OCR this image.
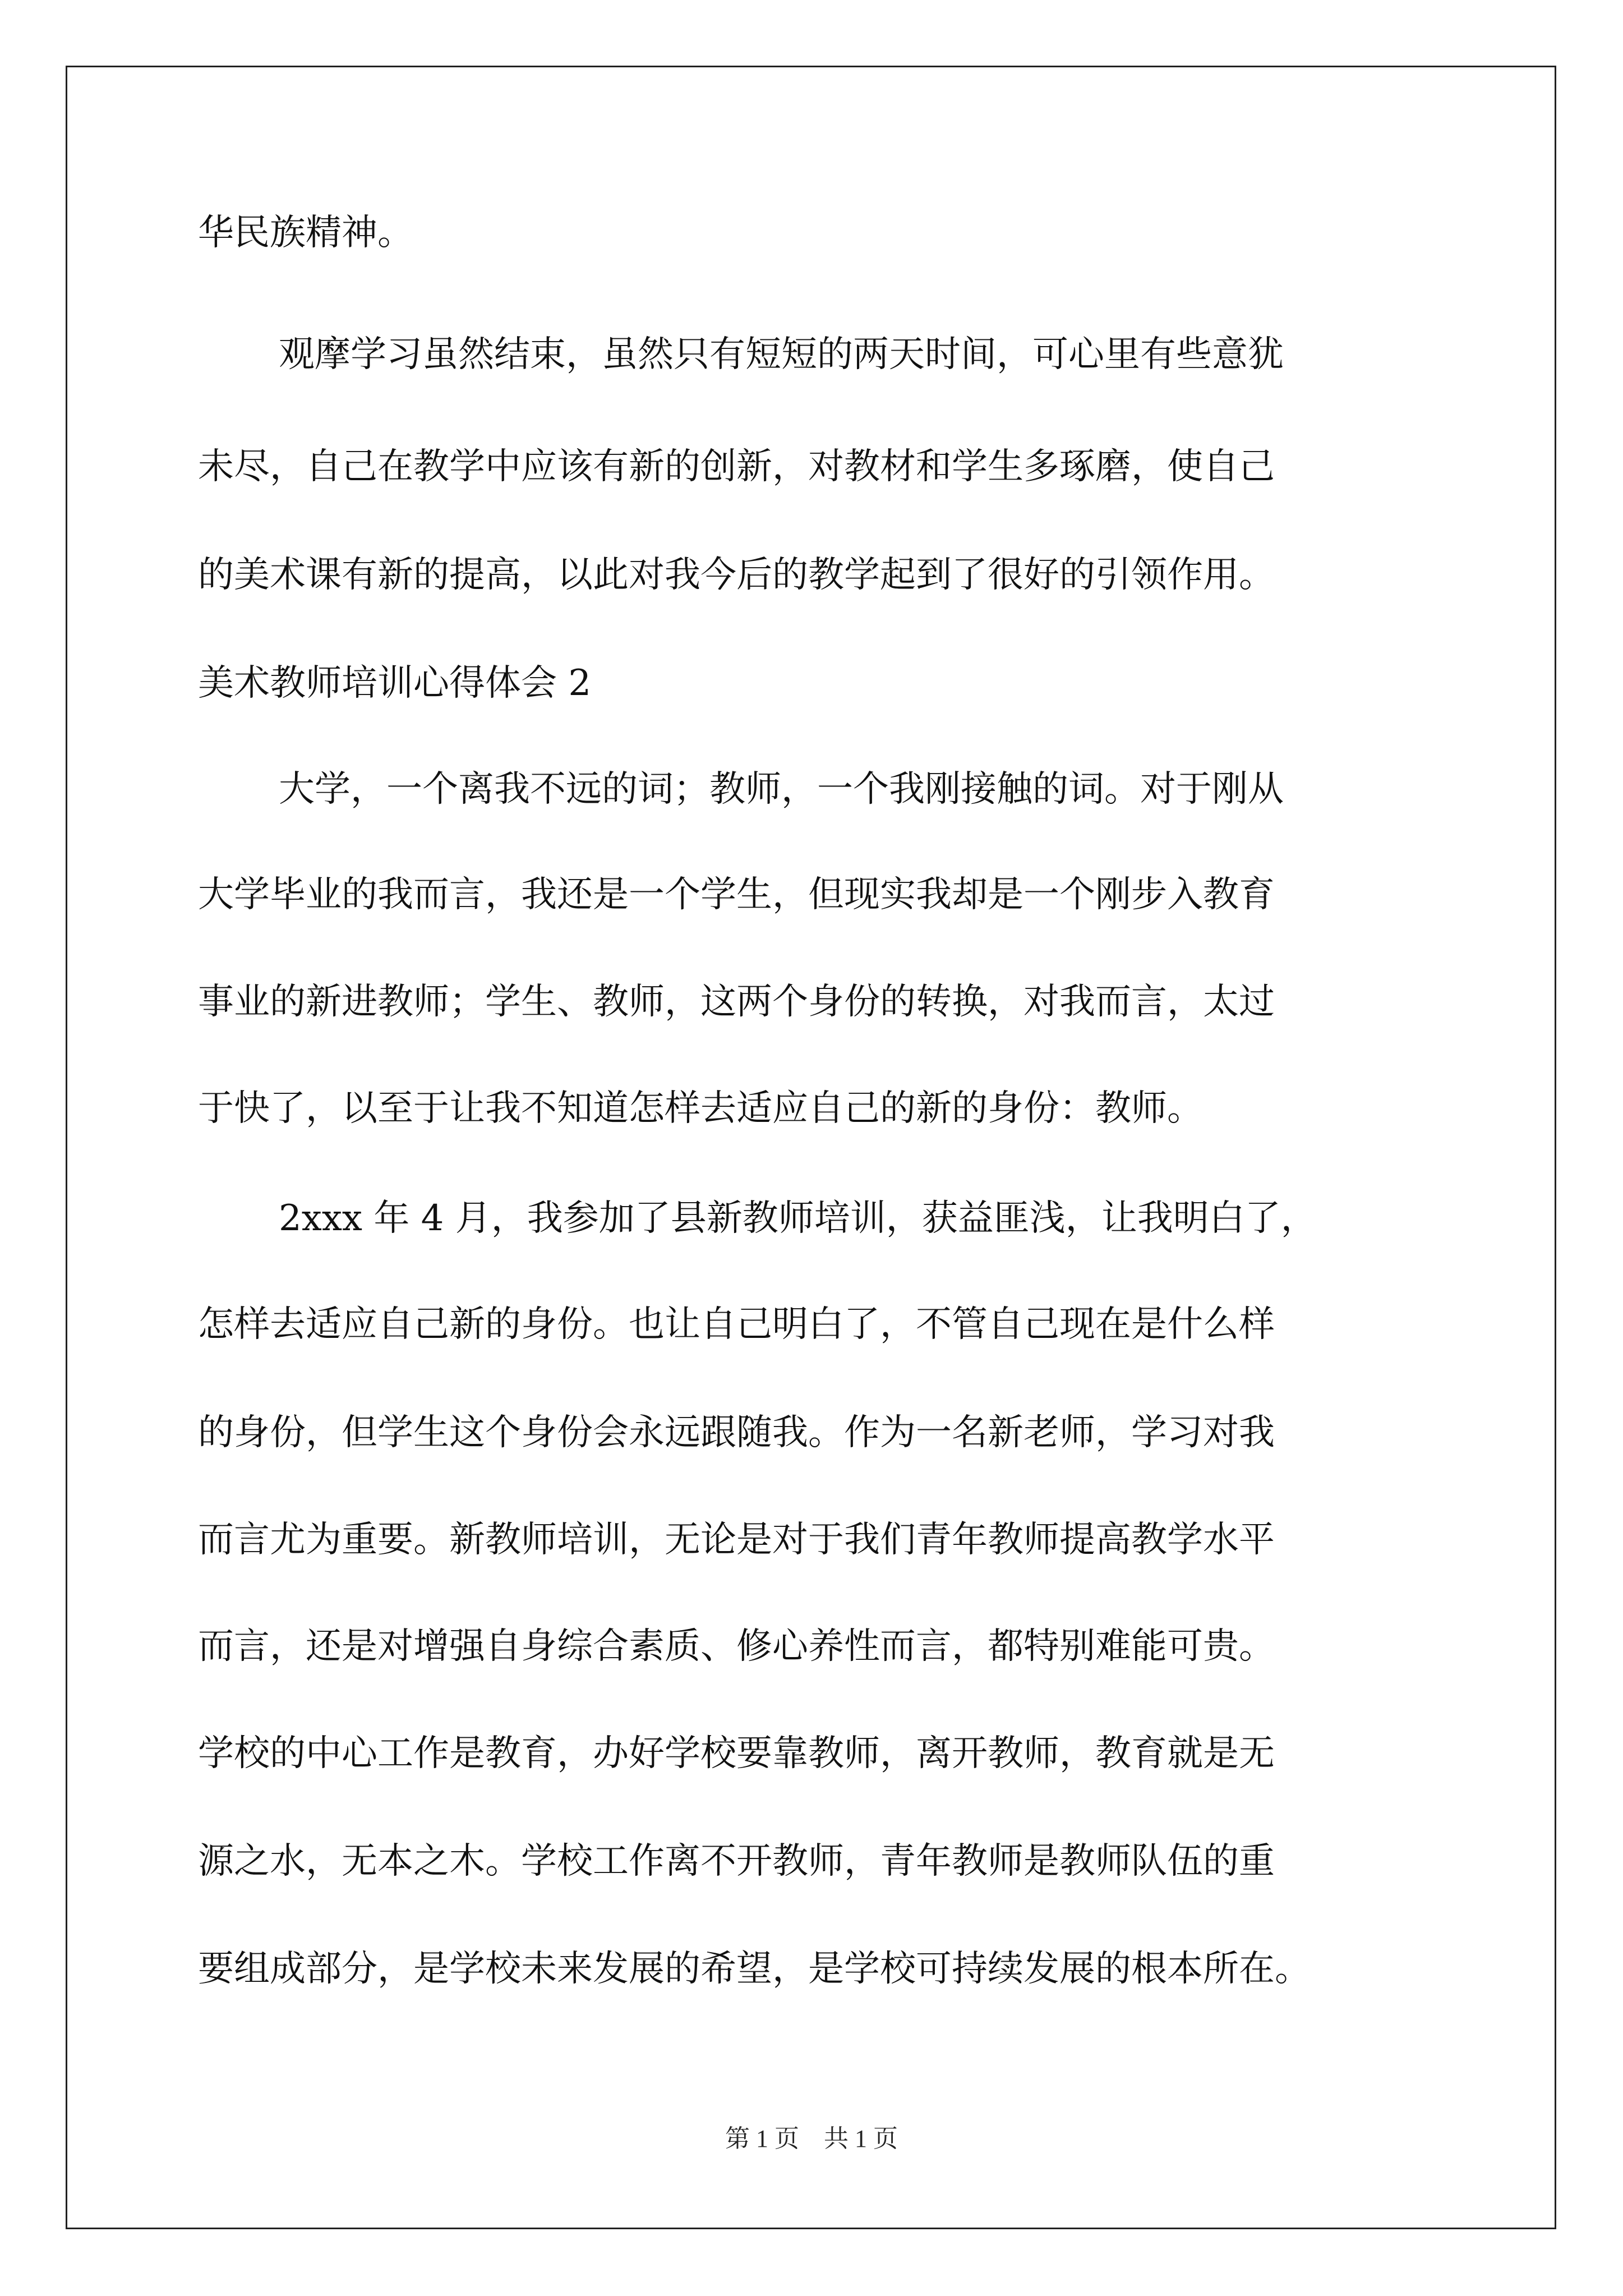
华民族精神。
观摩学习虽然结束，虽然只有短短的两天时间，可心里有些意犹
未尽，自己在教学中应该有新的创新，对教材和学生多琢磨，使自己
的美术课有新的提高，以此对我今后的教学起到了很好的引领作用。
美术教师培训心得体会 2
大学，一个离我不远的词；教师，一个我刚接触的词。对于刚从
大学毕业的我而言，我还是一个学生，但现实我却是一个刚步入教育
事业的新进教师；学生、教师，这两个身份的转换，对我而言，太过
于快了，以至于让我不知道怎样去适应自己的新的身份：教师。
2xxx 年 4 月，我参加了县新教师培训，获益匪浅，让我明白了，
怎样去适应自己新的身份。也让自己明白了，不管自己现在是什么样
的身份，但学生这个身份会永远跟随我。作为一名新老师，学习对我
而言尤为重要。新教师培训，无论是对于我们青年教师提高教学水平
而言，还是对增强自身综合素质、修心养性而言，都特别难能可贵。
学校的中心工作是教育，办好学校要靠教师，离开教师，教育就是无
源之水，无本之木。学校工作离不开教师，青年教师是教师队伍的重
要组成部分，是学校未来发展的希望，是学校可持续发展的根本所在。
第 1 页　共 1 页
